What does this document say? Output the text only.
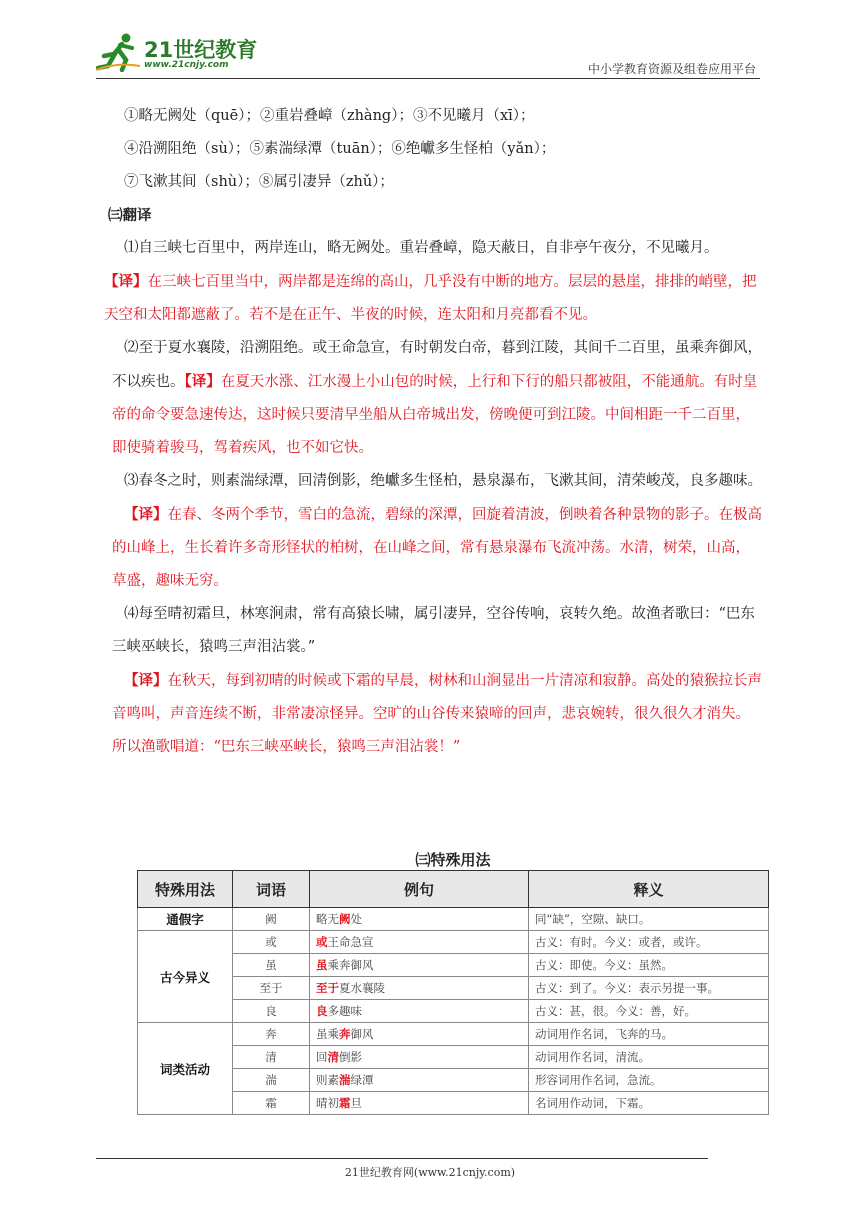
21世纪教育
www.21cnjy.com	中小学教育资源及组卷应用平台
①略无阙处（quē）；②重岩叠嶂（zhàng）；③不见曦月（xī）；
④沿溯阻绝（sù）；⑤素湍绿潭（tuān）；⑥绝巘多生怪柏（yǎn）；
⑦飞漱其间（shù）；⑧属引凄异（zhǔ）；
㈢翻译
⑴自三峡七百里中，两岸连山，略无阙处。重岩叠嶂，隐天蔽日，自非亭午夜分，不见曦月。
【译】在三峡七百里当中，两岸都是连绵的高山，几乎没有中断的地方。层层的悬崖，排排的峭壁，把天空和太阳都遮蔽了。若不是在正午、半夜的时候，连太阳和月亮都看不见。
⑵至于夏水襄陵，沿溯阻绝。或王命急宣，有时朝发白帝，暮到江陵，其间千二百里，虽乘奔御风，不以疾也。【译】在夏天水涨、江水漫上小山包的时候，上行和下行的船只都被阻，不能通航。有时皇帝的命令要急速传达，这时候只要清早坐船从白帝城出发，傍晚便可到江陵。中间相距一千二百里，即使骑着骏马，驾着疾风，也不如它快。
⑶春冬之时，则素湍绿潭，回清倒影，绝巘多生怪柏，悬泉瀑布，飞漱其间，清荣峻茂，良多趣味。
【译】在春、冬两个季节，雪白的急流，碧绿的深潭，回旋着清波，倒映着各种景物的影子。在极高的山峰上，生长着许多奇形怪状的柏树，在山峰之间，常有悬泉瀑布飞流冲荡。水清，树荣，山高，草盛，趣味无穷。
⑷每至晴初霜旦，林寒涧肃，常有高猿长啸，属引凄异，空谷传响，哀转久绝。故渔者歌曰：“巴东三峡巫峡长，猿鸣三声泪沾裳。”
【译】在秋天，每到初晴的时候或下霜的早晨，树林和山涧显出一片清凉和寂静。高处的猿猴拉长声音鸣叫，声音连续不断，非常凄凉怪异。空旷的山谷传来猿啼的回声，悲哀婉转，很久很久才消失。所以渔歌唱道：“巴东三峡巫峡长，猿鸣三声泪沾裳！”
㈢特殊用法
特殊用法	词语	例句	释义
通假字	阙	略无阙处	同“缺”，空隙、缺口。
古今异义	或	或王命急宣	古义：有时。今义：或者，或许。
	虽	虽乘奔御风	古义：即使。今义：虽然。
	至于	至于夏水襄陵	古义：到了。今义：表示另提一事。
	良	良多趣味	古义：甚，很。今义：善，好。
词类活动	奔	虽乘奔御风	动词用作名词，飞奔的马。
	清	回清倒影	动词用作名词，清流。
	湍	则素湍绿潭	形容词用作名词，急流。
	霜	晴初霜旦	名词用作动词，下霜。
21世纪教育网(www.21cnjy.com)
